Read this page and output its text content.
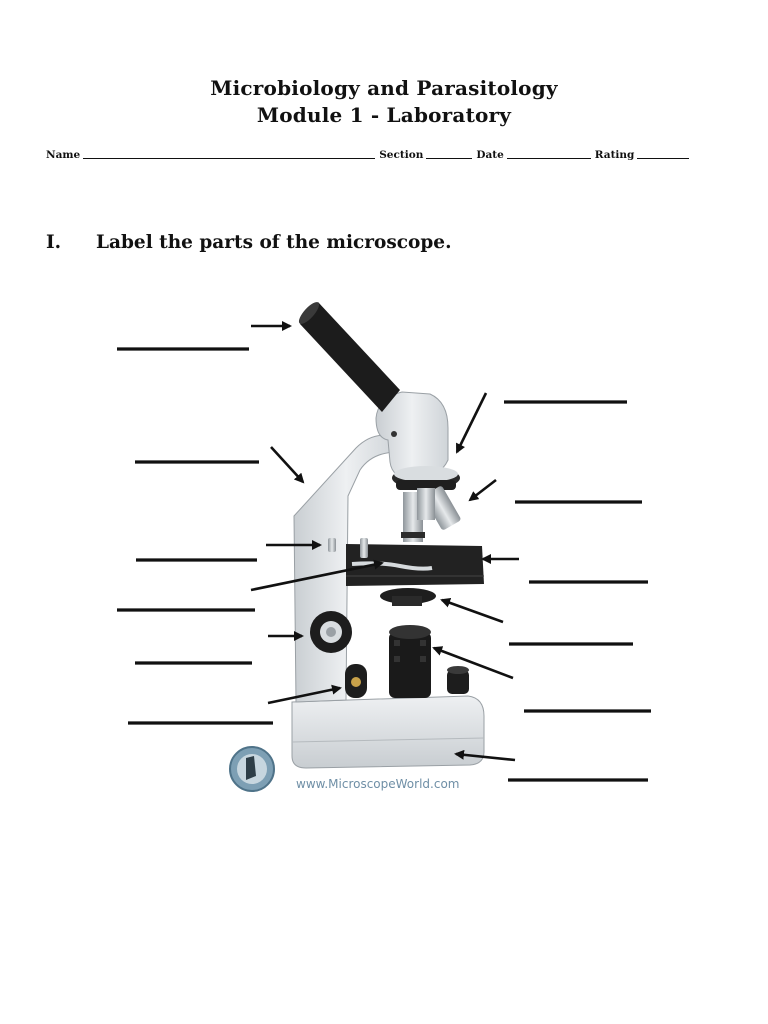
Microbiology and Parasitology
Module 1 - Laboratory
Name	Section	Date	Rating
I. Label the parts of the microscope.
www.MicroscopeWorld.com
